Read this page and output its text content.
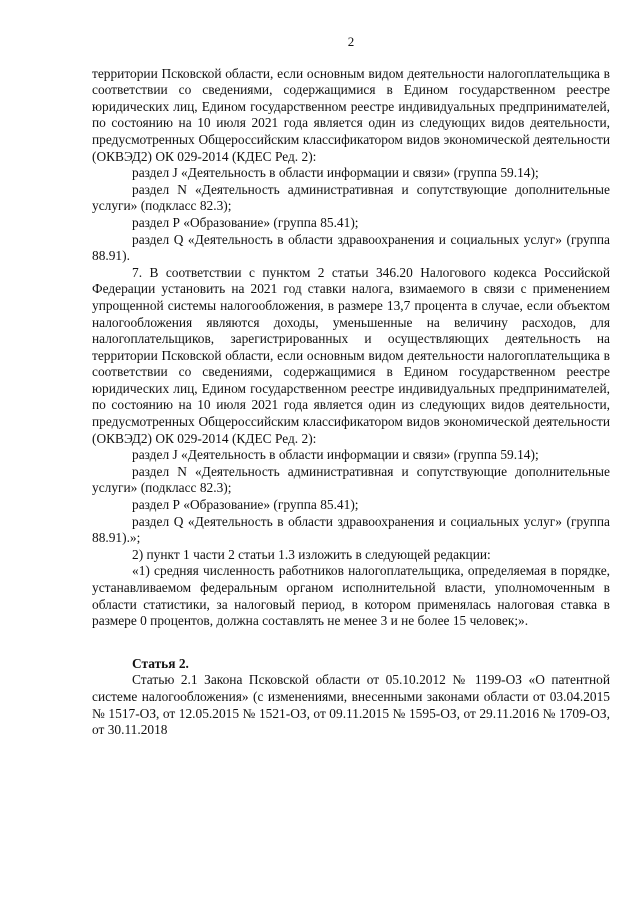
2

территории Псковской области, если основным видом деятельности налогоплательщика в соответствии со сведениями, содержащимися в Едином государственном реестре юридических лиц, Едином государственном реестре индивидуальных предпринимателей, по состоянию на 10 июля 2021 года является один из следующих видов деятельности, предусмотренных Общероссийским классификатором видов экономической деятельности (ОКВЭД2) ОК 029-2014 (КДЕС Ред. 2):

раздел J «Деятельность в области информации и связи» (группа 59.14);

раздел N «Деятельность административная и сопутствующие дополнительные услуги» (подкласс 82.3);

раздел Р «Образование» (группа 85.41);

раздел Q «Деятельность в области здравоохранения и социальных услуг» (группа 88.91).

7. В соответствии с пунктом 2 статьи 346.20 Налогового кодекса Российской Федерации установить на 2021 год ставки налога, взимаемого в связи с применением упрощенной системы налогообложения, в размере 13,7 процента в случае, если объектом налогообложения являются доходы, уменьшенные на величину расходов, для налогоплательщиков, зарегистрированных и осуществляющих деятельность на территории Псковской области, если основным видом деятельности налогоплательщика в соответствии со сведениями, содержащимися в Едином государственном реестре юридических лиц, Едином государственном реестре индивидуальных предпринимателей, по состоянию на 10 июля 2021 года является один из следующих видов деятельности, предусмотренных Общероссийским классификатором видов экономической деятельности (ОКВЭД2) ОК 029-2014 (КДЕС Ред. 2):

раздел J «Деятельность в области информации и связи» (группа 59.14);

раздел N «Деятельность административная и сопутствующие дополнительные услуги» (подкласс 82.3);

раздел Р «Образование» (группа 85.41);

раздел Q «Деятельность в области здравоохранения и социальных услуг» (группа 88.91).»;

2) пункт 1 части 2 статьи 1.3 изложить в следующей редакции:

«1) средняя численность работников налогоплательщика, определяемая в порядке, устанавливаемом федеральным органом исполнительной власти, уполномоченным в области статистики, за налоговый период, в котором применялась налоговая ставка в размере 0 процентов, должна составлять не менее 3 и не более 15 человек;».

Статья 2.

Статью 2.1 Закона Псковской области от 05.10.2012 № 1199-ОЗ «О патентной системе налогообложения» (с изменениями, внесенными законами области от 03.04.2015 № 1517-ОЗ, от 12.05.2015 № 1521-ОЗ, от 09.11.2015 № 1595-ОЗ, от 29.11.2016 № 1709-ОЗ, от 30.11.2018
